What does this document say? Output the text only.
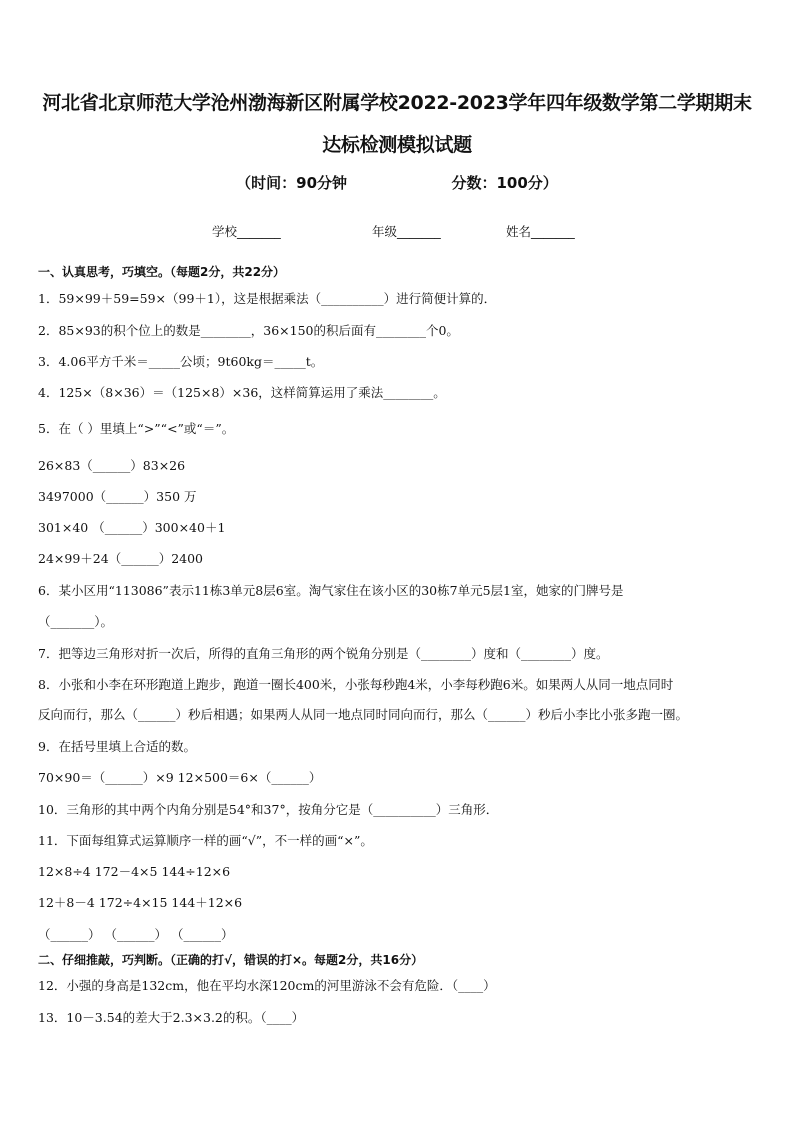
河北省北京师范大学沧州渤海新区附属学校2022-2023学年四年级数学第二学期期末
达标检测模拟试题
（时间：90分钟                    分数：100分）
学校_______	年级_______	姓名_______
一、认真思考，巧填空。（每题2分，共22分）
1．59×99＋59=59×（99＋1），这是根据乘法（__________）进行简便计算的．
2．85×93的积个位上的数是________，36×150的积后面有________个0。
3．4.06平方千米＝_____公顷；9t60kg＝_____t。
4．125×（8×36）＝（125×8）×36，这样简算运用了乘法________。
5．在（ ）里填上“>”“<”或“＝”。
26×83（______）83×26
3497000（______）350 万
301×40 （______）300×40＋1
24×99＋24（______）2400
6．某小区用“113086”表示11栋3单元8层6室。淘气家住在该小区的30栋7单元5层1室，她家的门牌号是
（_______）。
7．把等边三角形对折一次后，所得的直角三角形的两个锐角分别是（________）度和（________）度。
8．小张和小李在环形跑道上跑步，跑道一圈长400米，小张每秒跑4米，小李每秒跑6米。如果两人从同一地点同时
反向而行，那么（______）秒后相遇；如果两人从同一地点同时同向而行，那么（______）秒后小李比小张多跑一圈。
9．在括号里填上合适的数。
70×90＝（______）×9 12×500＝6×（______）
10．三角形的其中两个内角分别是54°和37°，按角分它是（__________）三角形．
11．下面每组算式运算顺序一样的画“√”，不一样的画“×”。
12×8÷4 172－4×5 144÷12×6
12＋8－4 172÷4×15 144＋12×6
（______） （______） （______）
二、仔细推敲，巧判断。（正确的打√，错误的打×。每题2分，共16分）
12．小强的身高是132cm，他在平均水深120cm的河里游泳不会有危险．（____）
13．10－3.54的差大于2.3×3.2的积。（____）
